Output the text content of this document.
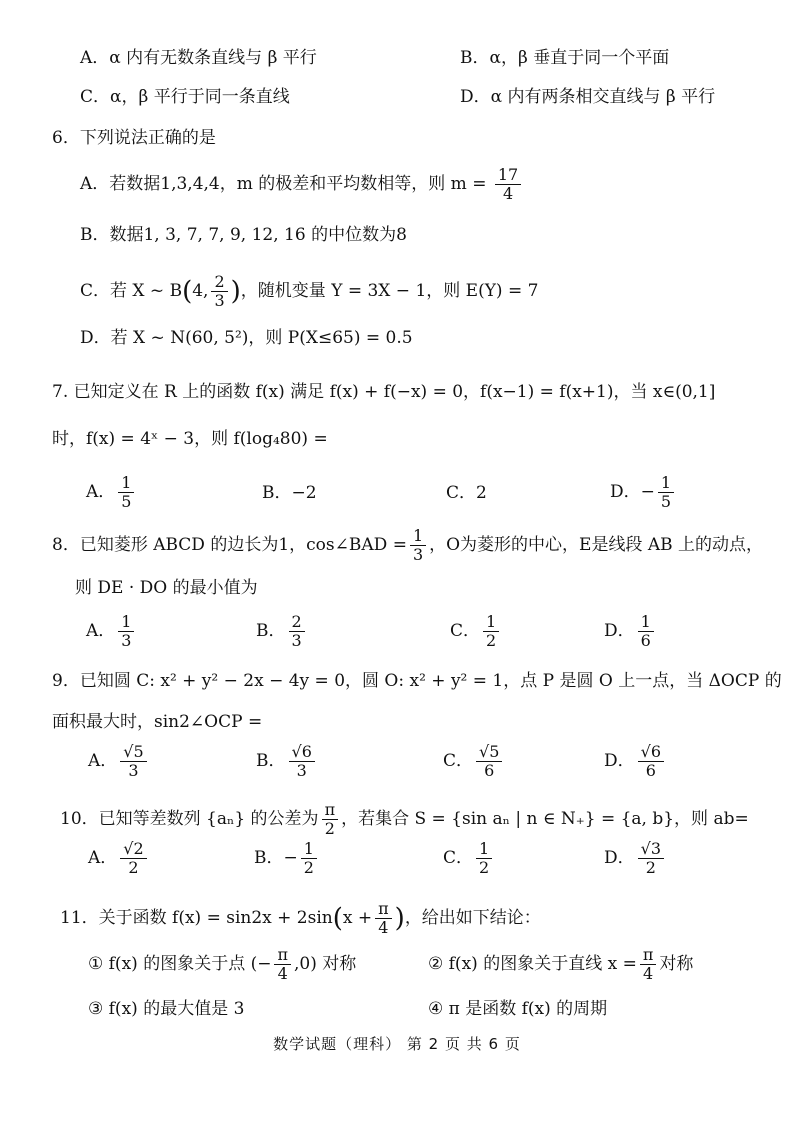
A．α 内有无数条直线与 β 平行	B．α，β 垂直于同一个平面
C．α，β 平行于同一条直线	D．α 内有两条相交直线与 β 平行
6．下列说法正确的是
A．若数据1,3,4,4，m 的极差和平均数相等，则 $m = \frac{17}{4}$
B．数据1, 3, 7, 7, 9, 12, 16 的中位数为8
C．若 X ~ B(4, $\frac{2}{3}$ )，随机变量 Y = 3X − 1，则 E(Y) = 7
D．若 X ~ N(60, 5²)，则 P(X≤65) = 0.5
7. 已知定义在 R 上的函数 f(x) 满足 f(x) + f(−x) = 0，f(x−1) = f(x+1)，当 x∈(0,1]
时，f(x) = 4ˣ − 3，则 f(log₄80) =
A． $\frac{1}{5}$	B．−2	C．2	D．− $\frac{1}{5}$
8．已知菱形 ABCD 的边长为1，cos∠BAD = $\frac{1}{3}$ ，O为菱形的中心，E是线段 AB 上的动点，
则 DE · DO 的最小值为
A． $\frac{1}{3}$	B． $\frac{2}{3}$	C． $\frac{1}{2}$	D． $\frac{1}{6}$
9．已知圆 C: x² + y² − 2x − 4y = 0，圆 O: x² + y² = 1，点 P 是圆 O 上一点，当 ΔOCP 的
面积最大时，sin2∠OCP =
A． $\frac{√5}{3}$	B． $\frac{√6}{3}$	C． $\frac{√5}{6}$	D． $\frac{√6}{6}$
10．已知等差数列 {aₙ} 的公差为 $\frac{\pi}{2}$ ，若集合 S = {sin aₙ | n ∈ N₊} = {a, b}，则 ab=
A． $\frac{√2}{2}$	B．− $\frac{1}{2}$	C． $\frac{1}{2}$	D． $\frac{√3}{2}$
11．关于函数 $f(x) = \sin 2x + 2\sin(x + \frac{\pi}{4}$ )，给出如下结论：
① f(x) 的图象关于点 (− $\frac{\pi}{4} ,0$) 对称	② f(x) 的图象关于直线 $x = \frac{\pi}{4}$ 对称
③ f(x) 的最大值是 3	④ π 是函数 f(x) 的周期
数学试题（理科） 第 2 页 共 6 页
